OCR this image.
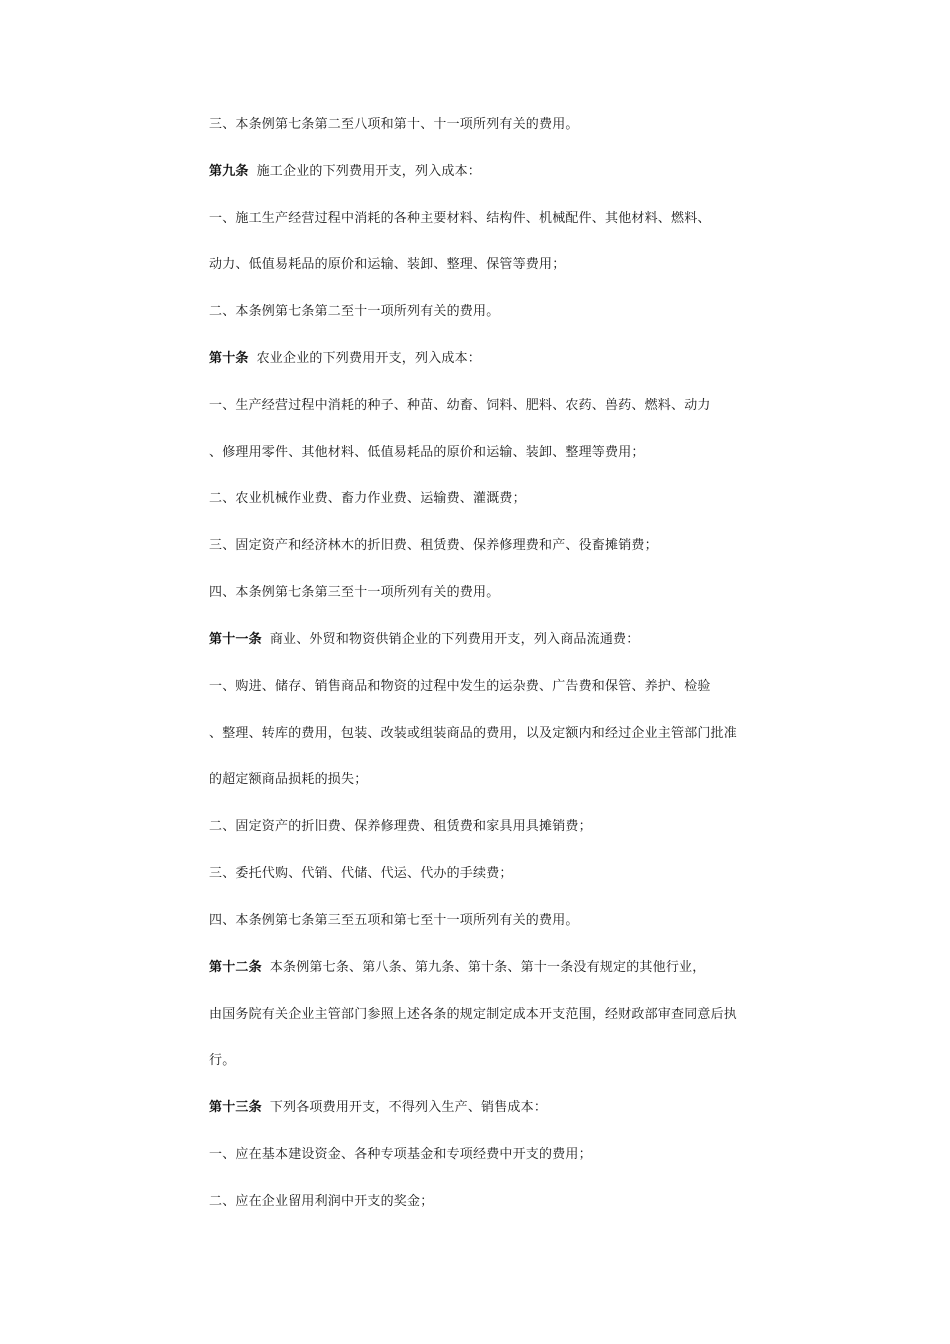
三、本条例第七条第二至八项和第十、十一项所列有关的费用。
第九条 施工企业的下列费用开支，列入成本：
一、施工生产经营过程中消耗的各种主要材料、结构件、机械配件、其他材料、燃料、
动力、低值易耗品的原价和运输、装卸、整理、保管等费用；
二、本条例第七条第二至十一项所列有关的费用。
第十条 农业企业的下列费用开支，列入成本：
一、生产经营过程中消耗的种子、种苗、幼畜、饲料、肥料、农药、兽药、燃料、动力
、修理用零件、其他材料、低值易耗品的原价和运输、装卸、整理等费用；
二、农业机械作业费、畜力作业费、运输费、灌溉费；
三、固定资产和经济林木的折旧费、租赁费、保养修理费和产、役畜摊销费；
四、本条例第七条第三至十一项所列有关的费用。
第十一条 商业、外贸和物资供销企业的下列费用开支，列入商品流通费：
一、购进、储存、销售商品和物资的过程中发生的运杂费、广告费和保管、养护、检验
、整理、转库的费用，包装、改装或组装商品的费用，以及定额内和经过企业主管部门批准
的超定额商品损耗的损失；
二、固定资产的折旧费、保养修理费、租赁费和家具用具摊销费；
三、委托代购、代销、代储、代运、代办的手续费；
四、本条例第七条第三至五项和第七至十一项所列有关的费用。
第十二条 本条例第七条、第八条、第九条、第十条、第十一条没有规定的其他行业，
由国务院有关企业主管部门参照上述各条的规定制定成本开支范围，经财政部审查同意后执
行。
第十三条 下列各项费用开支，不得列入生产、销售成本：
一、应在基本建设资金、各种专项基金和专项经费中开支的费用；
二、应在企业留用利润中开支的奖金；
